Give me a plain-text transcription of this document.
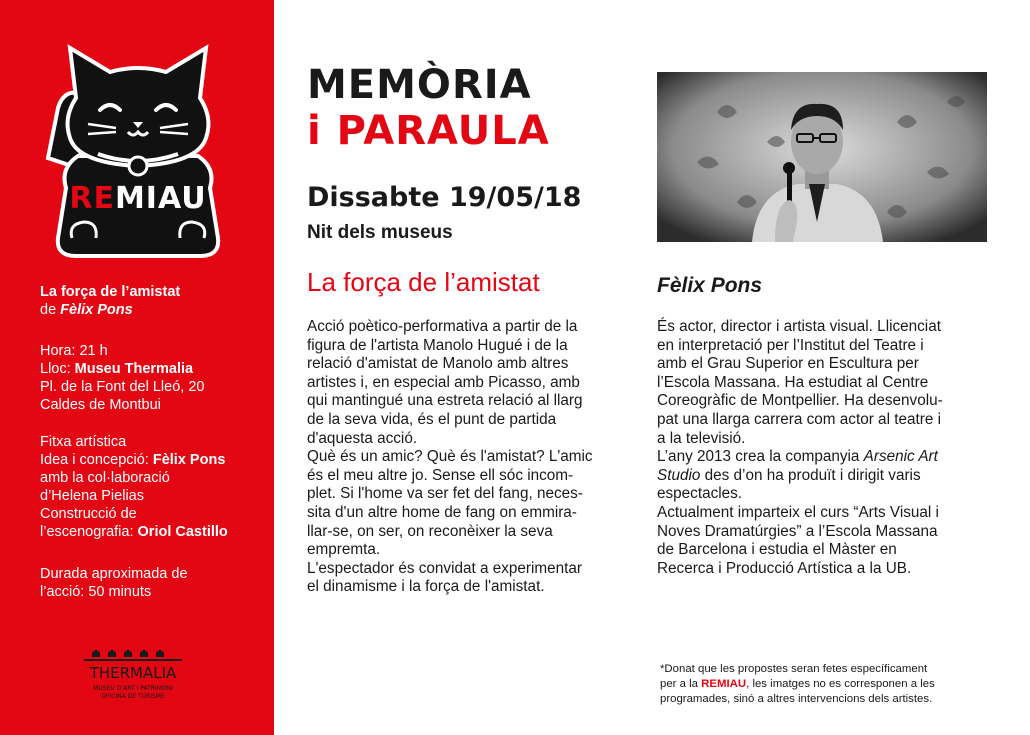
REMIAU
La força de l’amistat
de Fèlix Pons
Hora: 21 h
Lloc: Museu Thermalia
Pl. de la Font del Lleó, 20
Caldes de Montbui
Fitxa artística
Idea i concepció: Fèlix Pons
amb la col·laboració
d’Helena Pielias
Construcció de
l’escenografia: Oriol Castillo
Durada aproximada de
l’acció: 50 minuts
THERMALIA
MUSEU D’ART I PATRIMONI
OFICINA DE TURISME
MEMÒRIA
i PARAULA
Dissabte 19/05/18
Nit dels museus
La força de l’amistat	Fèlix Pons
Acció poètico-performativa a partir de la
figura de l'artista Manolo Hugué i de la
relació d'amistat de Manolo amb altres
artistes i, en especial amb Picasso, amb
qui mantingué una estreta relació al llarg
de la seva vida, és el punt de partida
d'aquesta acció.
Què és un amic? Què és l'amistat? L'amic
és el meu altre jo. Sense ell sóc incom-
plet. Si l'home va ser fet del fang, neces-
sita d'un altre home de fang on emmira-
llar-se, on ser, on reconèixer la seva
empremta.
L'espectador és convidat a experimentar
el dinamisme i la força de l'amistat.
És actor, director i artista visual. Llicenciat
en interpretació per l’Institut del Teatre i
amb el Grau Superior en Escultura per
l’Escola Massana. Ha estudiat al Centre
Coreogràfic de Montpellier. Ha desenvolu-
pat una llarga carrera com actor al teatre i
a la televisió.
L’any 2013 crea la companyia Arsenic Art
Studio des d’on ha produït i dirigit varis
espectacles.
Actualment imparteix el curs “Arts Visual i
Noves Dramatúrgies” a l’Escola Massana
de Barcelona i estudia el Màster en
Recerca i Producció Artística a la UB.
*Donat que les propostes seran fetes específicament
per a la REMIAU, les imatges no es corresponen a les
programades, sinó a altres intervencions dels artistes.
